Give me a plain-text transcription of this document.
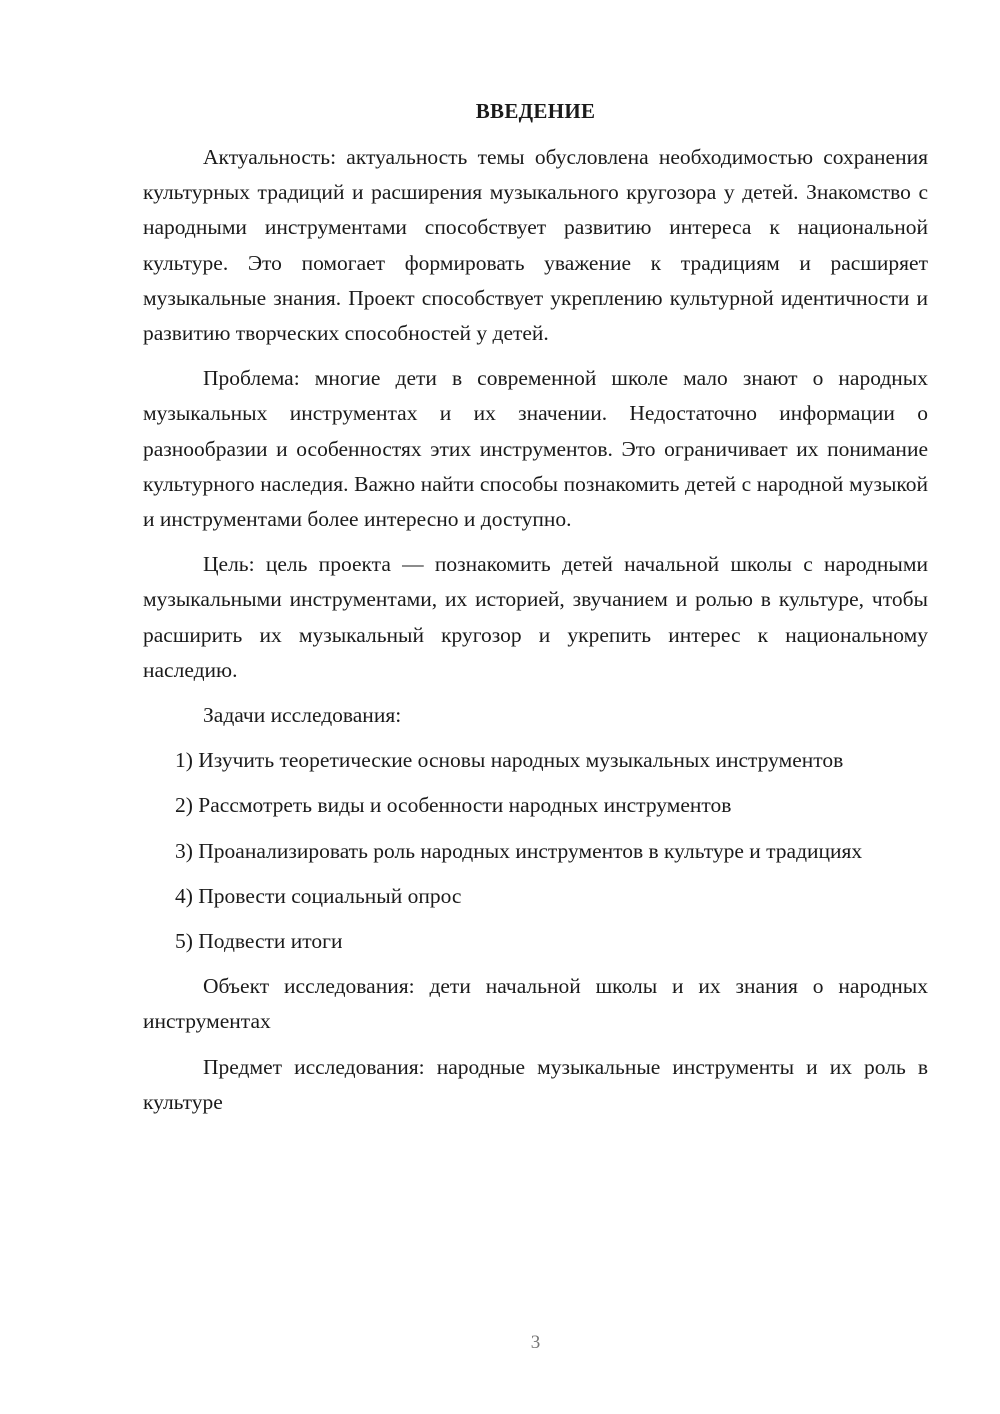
ВВЕДЕНИЕ

Актуальность: актуальность темы обусловлена необходимостью сохранения культурных традиций и расширения музыкального кругозора у детей. Знакомство с народными инструментами способствует развитию интереса к национальной культуре. Это помогает формировать уважение к традициям и расширяет музыкальные знания. Проект способствует укреплению культурной идентичности и развитию творческих способностей у детей.

Проблема: многие дети в современной школе мало знают о народных музыкальных инструментах и их значении. Недостаточно информации о разнообразии и особенностях этих инструментов. Это ограничивает их понимание культурного наследия. Важно найти способы познакомить детей с народной музыкой и инструментами более интересно и доступно.

Цель: цель проекта — познакомить детей начальной школы с народными музыкальными инструментами, их историей, звучанием и ролью в культуре, чтобы расширить их музыкальный кругозор и укрепить интерес к национальному наследию.

Задачи исследования:

1) Изучить теоретические основы народных музыкальных инструментов

2) Рассмотреть виды и особенности народных инструментов

3) Проанализировать роль народных инструментов в культуре и традициях

4) Провести социальный опрос

5) Подвести итоги

Объект исследования: дети начальной школы и их знания о народных инструментах

Предмет исследования: народные музыкальные инструменты и их роль в культуре

3
